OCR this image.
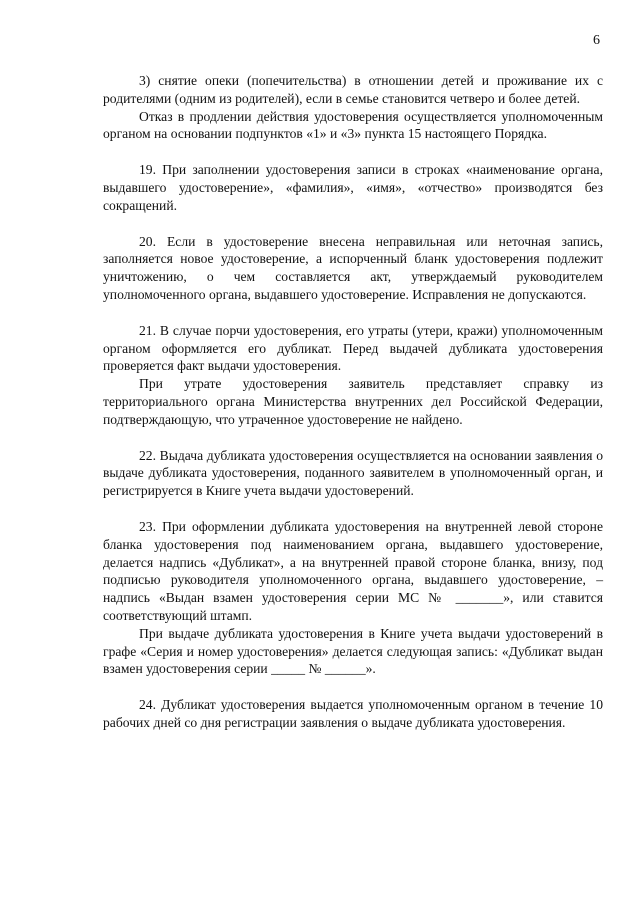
6

3) снятие опеки (попечительства) в отношении детей и проживание их с родителями (одним из родителей), если в семье становится четверо и более детей.

Отказ в продлении действия удостоверения осуществляется уполномоченным органом на основании подпунктов «1» и «3» пункта 15 настоящего Порядка.

19. При заполнении удостоверения записи в строках «наименование органа, выдавшего удостоверение», «фамилия», «имя», «отчество» производятся без сокращений.

20. Если в удостоверение внесена неправильная или неточная запись, заполняется новое удостоверение, а испорченный бланк удостоверения подлежит уничтожению, о чем составляется акт, утверждаемый руководителем уполномоченного органа, выдавшего удостоверение. Исправления не допускаются.

21. В случае порчи удостоверения, его утраты (утери, кражи) уполномоченным органом оформляется его дубликат. Перед выдачей дубликата удостоверения проверяется факт выдачи удостоверения.

При утрате удостоверения заявитель представляет справку из территориального органа Министерства внутренних дел Российской Федерации, подтверждающую, что утраченное удостоверение не найдено.

22. Выдача дубликата удостоверения осуществляется на основании заявления о выдаче дубликата удостоверения, поданного заявителем в уполномоченный орган, и регистрируется в Книге учета выдачи удостоверений.

23. При оформлении дубликата удостоверения на внутренней левой стороне бланка удостоверения под наименованием органа, выдавшего удостоверение, делается надпись «Дубликат», а на внутренней правой стороне бланка, внизу, под подписью руководителя уполномоченного органа, выдавшего удостоверение, – надпись «Выдан взамен удостоверения серии МС № _______», или ставится соответствующий штамп.

При выдаче дубликата удостоверения в Книге учета выдачи удостоверений в графе «Серия и номер удостоверения» делается следующая запись: «Дубликат выдан взамен удостоверения серии _____ № ______».

24. Дубликат удостоверения выдается уполномоченным органом в течение 10 рабочих дней со дня регистрации заявления о выдаче дубликата удостоверения.
